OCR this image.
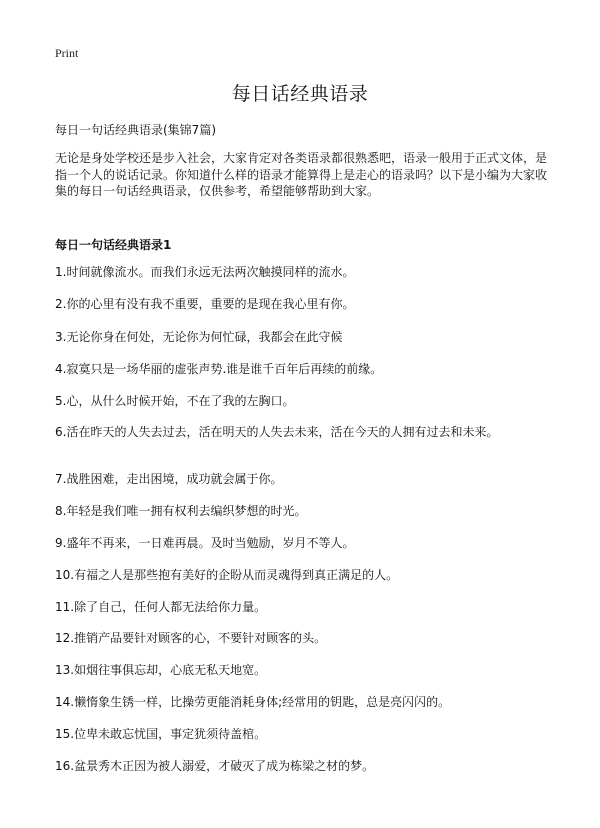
Print
每日话经典语录

每日一句话经典语录(集锦7篇)

无论是身处学校还是步入社会，大家肯定对各类语录都很熟悉吧，语录一般用于正式文体，是指一个人的说话记录。你知道什么样的语录才能算得上是走心的语录吗？以下是小编为大家收集的每日一句话经典语录，仅供参考，希望能够帮助到大家。

每日一句话经典语录1

1.时间就像流水。而我们永远无法两次触摸同样的流水。
2.你的心里有没有我不重要，重要的是现在我心里有你。
3.无论你身在何处，无论你为何忙碌，我都会在此守候
4.寂寞只是一场华丽的虚张声势.谁是谁千百年后再续的前缘。
5.心，从什么时候开始，不在了我的左胸口。
6.活在昨天的人失去过去，活在明天的人失去未来，活在今天的人拥有过去和未来。
7.战胜困难，走出困境，成功就会属于你。
8.年轻是我们唯一拥有权利去编织梦想的时光。
9.盛年不再来，一日难再晨。及时当勉励，岁月不等人。
10.有福之人是那些抱有美好的企盼从而灵魂得到真正满足的人。
11.除了自己，任何人都无法给你力量。
12.推销产品要针对顾客的心，不要针对顾客的头。
13.如烟往事俱忘却，心底无私天地宽。
14.懒惰象生锈一样，比操劳更能消耗身体;经常用的钥匙，总是亮闪闪的。
15.位卑未敢忘忧国，事定犹须待盖棺。
16.盆景秀木正因为被人溺爱，才破灭了成为栋梁之材的梦。
